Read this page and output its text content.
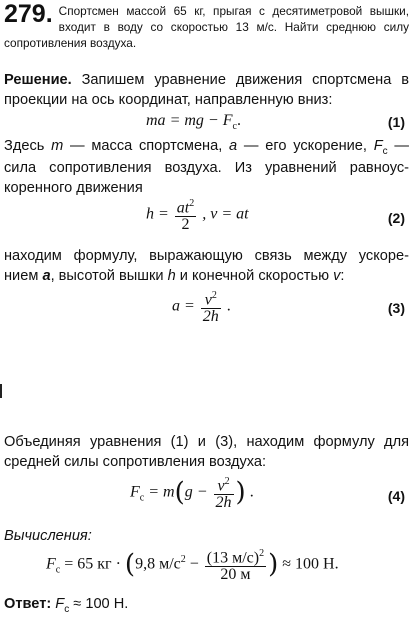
279. Спортсмен массой 65 кг, прыгая с десятиметровой вышки, входит в воду со скоростью 13 м/с. Найти среднюю силу сопротивления воздуха.
Решение. Запишем уравнение движения спортсмена в
проекции на ось координат, направленную вниз:
ma = mg − $F_c$.	(1)
Здесь m — масса спортсмена, a — его ускорение, $F_c$ —
сила сопротивления воздуха. Из уравнений равноус-
коренного движения
$h = \frac{at^2}{2}$ , v = at	(2)
находим формулу, выражающую связь между ускоре-
нием a, высотой вышки h и конечной скоростью v:
$a = \frac{v^2}{2h}$ .	(3)
Объединяя уравнения (1) и (3), находим формулу для
средней силы сопротивления воздуха:
$F_c = m(g - \frac{v^2}{2h}$ ) .	(4)
Вычисления:
$F_c = 65$ кг · (9,8 $м/с^2 - \frac{(13 м/с)^2}{20 м}$ ) ≈ 100 Н.
Ответ: $F_c \approx 100$ Н.
